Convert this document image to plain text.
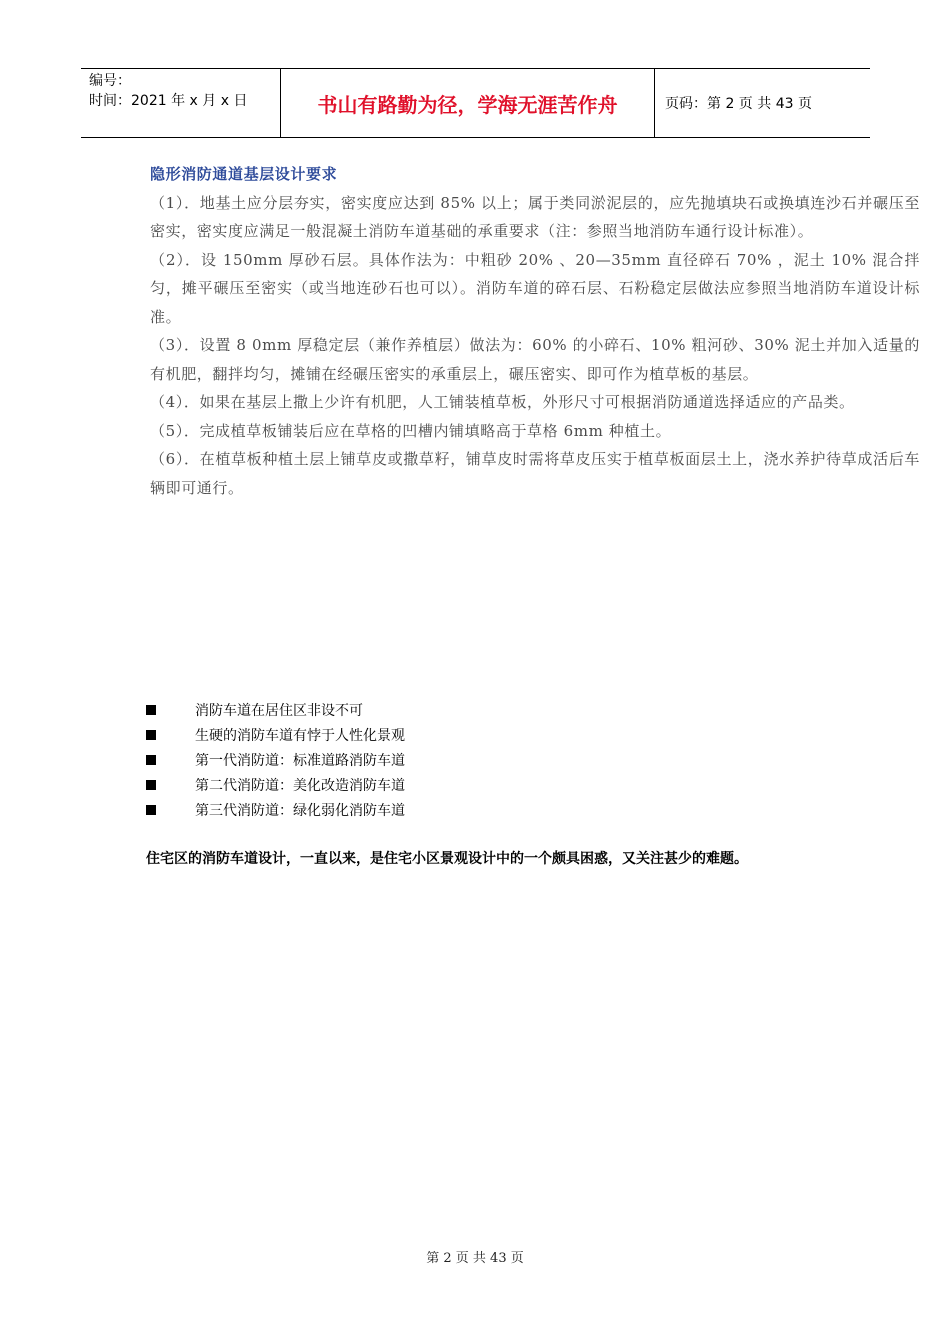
编号：
时间：2021 年 x 月 x 日	书山有路勤为径，学海无涯苦作舟	页码：第 2 页 共 43 页
隐形消防通道基层设计要求

（1）．地基土应分层夯实，密实度应达到 85% 以上；属于类同淤泥层的，应先抛填块石或换填连沙石并碾压至密实，密实度应满足一般混凝土消防车道基础的承重要求（注：参照当地消防车通行设计标准）。

（2）．设 150mm 厚砂石层。具体作法为：中粗砂 20% 、20—35mm 直径碎石 70% ，泥土 10% 混合拌匀，摊平碾压至密实（或当地连砂石也可以）。消防车道的碎石层、石粉稳定层做法应参照当地消防车道设计标准。

（3）．设置 8 0mm 厚稳定层（兼作养植层）做法为：60% 的小碎石、10% 粗河砂、30% 泥土并加入适量的有机肥，翻拌均匀，摊铺在经碾压密实的承重层上，碾压密实、即可作为植草板的基层。

（4）．如果在基层上撒上少许有机肥，人工铺装植草板，外形尺寸可根据消防通道选择适应的产品类。

（5）．完成植草板铺装后应在草格的凹槽内铺填略高于草格 6mm 种植土。

（6）．在植草板种植土层上铺草皮或撒草籽，铺草皮时需将草皮压实于植草板面层土上，浇水养护待草成活后车辆即可通行。

消防车道在居住区非设不可
生硬的消防车道有悖于人性化景观
第一代消防道：标准道路消防车道
第二代消防道：美化改造消防车道
第三代消防道：绿化弱化消防车道
住宅区的消防车道设计，一直以来，是住宅小区景观设计中的一个颇具困惑，又关注甚少的难题。
第 2 页 共 43 页
